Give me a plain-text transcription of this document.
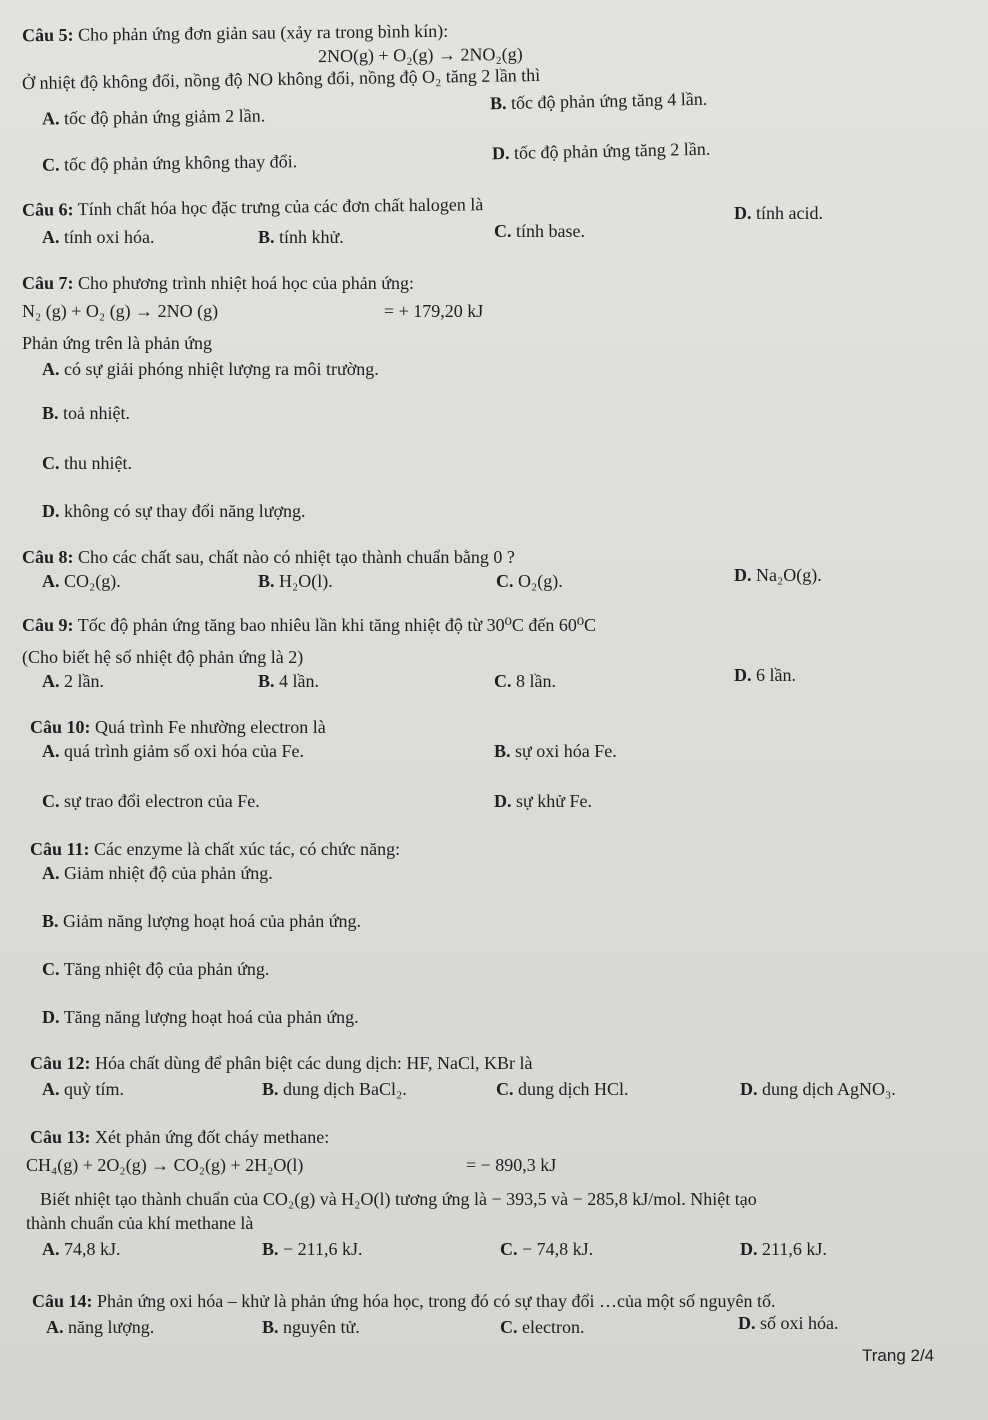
Câu 5: Cho phản ứng đơn giản sau (xảy ra trong bình kín):
2NO(g) + O₂(g) → 2NO₂(g)
Ở nhiệt độ không đổi, nồng độ NO không đổi, nồng độ O₂ tăng 2 lần thì
A. tốc độ phản ứng giảm 2 lần.
B. tốc độ phản ứng tăng 4 lần.
C. tốc độ phản ứng không thay đổi.	D. tốc độ phản ứng tăng 2 lần.
Câu 6: Tính chất hóa học đặc trưng của các đơn chất halogen là
A. tính oxi hóa.	B. tính khử.	C. tính base.
D. tính acid.
Câu 7: Cho phương trình nhiệt hoá học của phản ứng:
N₂ (g) + O₂ (g) → 2NO (g)	= + 179,20 kJ
Phản ứng trên là phản ứng
A. có sự giải phóng nhiệt lượng ra môi trường.
B. toả nhiệt.
C. thu nhiệt.
D. không có sự thay đổi năng lượng.
Câu 8: Cho các chất sau, chất nào có nhiệt tạo thành chuẩn bằng 0 ?
A. CO₂(g).	B. H₂O(l).	C. O₂(g).	D. Na₂O(g).
Câu 9: Tốc độ phản ứng tăng bao nhiêu lần khi tăng nhiệt độ từ 30⁰C đến 60⁰C
(Cho biết hệ số nhiệt độ phản ứng là 2)
A. 2 lần.	B. 4 lần.	C. 8 lần.	D. 6 lần.
Câu 10: Quá trình Fe nhường electron là
A. quá trình giảm số oxi hóa của Fe.	B. sự oxi hóa Fe.
C. sự trao đổi electron của Fe.	D. sự khử Fe.
Câu 11: Các enzyme là chất xúc tác, có chức năng:
A. Giảm nhiệt độ của phản ứng.
B. Giảm năng lượng hoạt hoá của phản ứng.
C. Tăng nhiệt độ của phản ứng.
D. Tăng năng lượng hoạt hoá của phản ứng.
Câu 12: Hóa chất dùng để phân biệt các dung dịch: HF, NaCl, KBr là
A. quỳ tím.	B. dung dịch BaCl₂.	C. dung dịch HCl.	D. dung dịch AgNO₃.
Câu 13: Xét phản ứng đốt cháy methane:
CH₄(g) + 2O₂(g) → CO₂(g) + 2H₂O(l)	= − 890,3 kJ
Biết nhiệt tạo thành chuẩn của CO₂(g) và H₂O(l) tương ứng là − 393,5 và − 285,8 kJ/mol. Nhiệt tạo
thành chuẩn của khí methane là
A. 74,8 kJ.	B. − 211,6 kJ.	C. − 74,8 kJ.	D. 211,6 kJ.
Câu 14: Phản ứng oxi hóa – khử là phản ứng hóa học, trong đó có sự thay đổi …của một số nguyên tố.
A. năng lượng.	B. nguyên tử.	C. electron.	D. số oxi hóa.
Trang 2/4
